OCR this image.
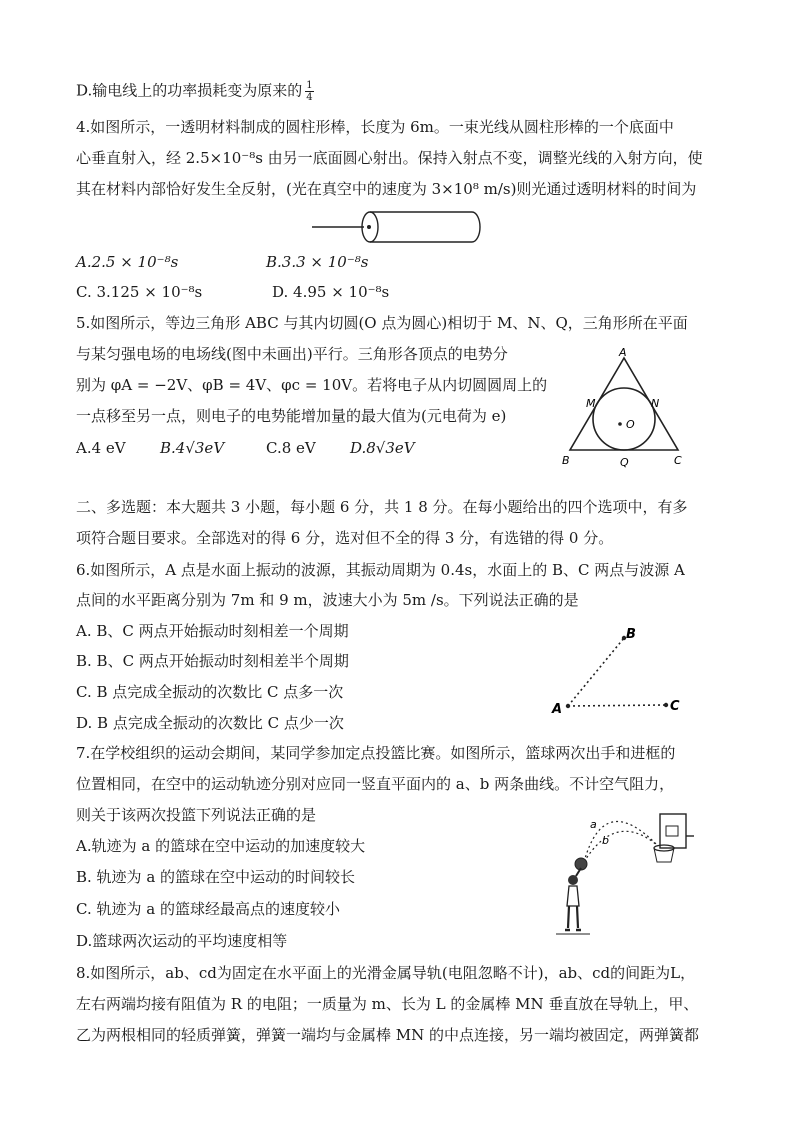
D.输电线上的功率损耗变为原来的 $\frac{1}{4}$
4.如图所示，一透明材料制成的圆柱形棒，长度为 6m。一束光线从圆柱形棒的一个底面中
心垂直射入，经 2.5×10⁻⁸s 由另一底面圆心射出。保持入射点不变，调整光线的入射方向，使
其在材料内部恰好发生全反射，(光在真空中的速度为 3×10⁸ m/s)则光通过透明材料的时间为
A.2.5 × 10⁻⁸s	B.3.3 × 10⁻⁸s
C. 3.125 × 10⁻⁸s	D. 4.95 × 10⁻⁸s
5.如图所示，等边三角形 ABC 与其内切圆(O 点为圆心)相切于 M、N、Q，三角形所在平面
与某匀强电场的电场线(图中未画出)平行。三角形各顶点的电势分
别为 φA = −2V、φB = 4V、φc = 10V。若将电子从内切圆圆周上的
一点移至另一点，则电子的电势能增加量的最大值为(元电荷为 e)
A.4 eV B.4√3eV	C.8 eV D.8√3eV
A
B	C
M	N
Q
O
二、多选题：本大题共 3 小题，每小题 6 分，共 1 8 分。在每小题给出的四个选项中，有多
项符合题目要求。全部选对的得 6 分，选对但不全的得 3 分，有选错的得 0 分。
6.如图所示，A 点是水面上振动的波源，其振动周期为 0.4s，水面上的 B、C 两点与波源 A
点间的水平距离分别为 7m 和 9 m，波速大小为 5m /s。下列说法正确的是
A. B、C 两点开始振动时刻相差一个周期
B. B、C 两点开始振动时刻相差半个周期
C. B 点完成全振动的次数比 C 点多一次
D. B 点完成全振动的次数比 C 点少一次
A
B
C
7.在学校组织的运动会期间，某同学参加定点投篮比赛。如图所示，篮球两次出手和进框的
位置相同，在空中的运动轨迹分别对应同一竖直平面内的 a、b 两条曲线。不计空气阻力，
则关于该两次投篮下列说法正确的是
A.轨迹为 a 的篮球在空中运动的加速度较大
B. 轨迹为 a 的篮球在空中运动的时间较长
C. 轨迹为 a 的篮球经最高点的速度较小
D.篮球两次运动的平均速度相等
a
b
8.如图所示，ab、cd为固定在水平面上的光滑金属导轨(电阻忽略不计)，ab、cd的间距为L，
左右两端均接有阻值为 R 的电阻；一质量为 m、长为 L 的金属棒 MN 垂直放在导轨上，甲、
乙为两根相同的轻质弹簧，弹簧一端均与金属棒 MN 的中点连接，另一端均被固定，两弹簧都
